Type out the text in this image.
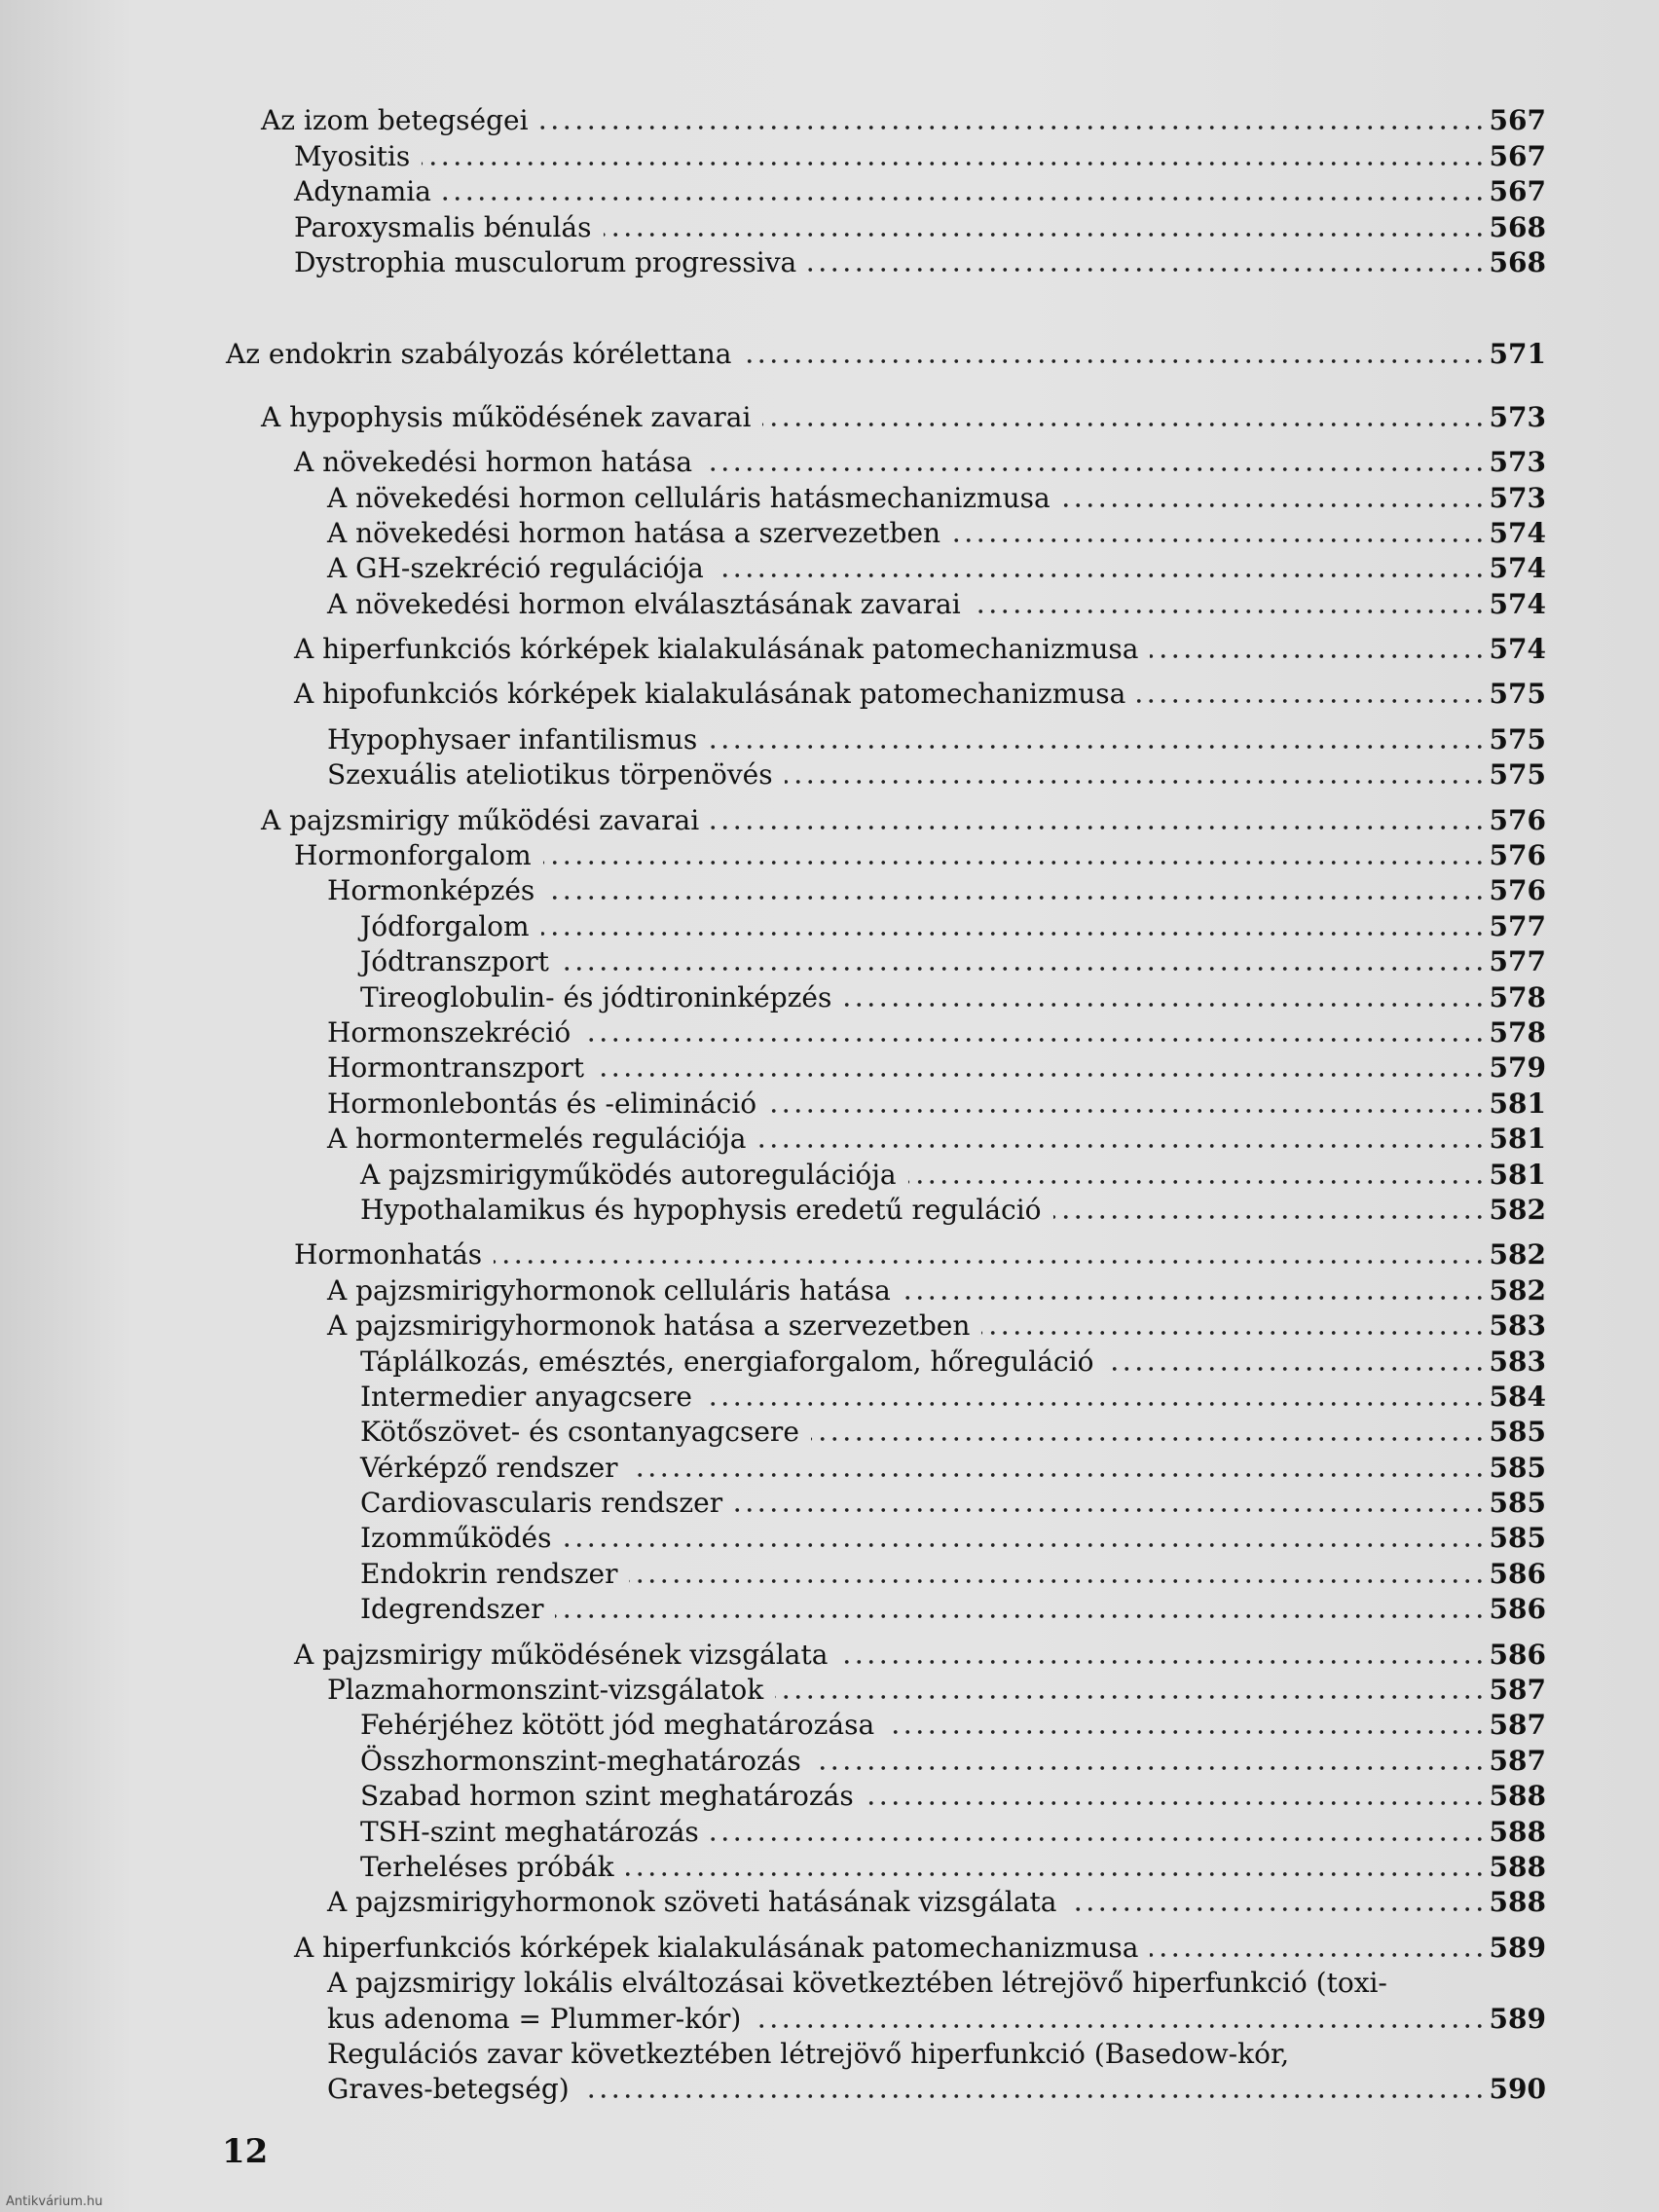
Az izom betegségei	567
Myositis	567
Adynamia	567
Paroxysmalis bénulás	568
Dystrophia musculorum progressiva	568
Az endokrin szabályozás kórélettana	571
A hypophysis működésének zavarai	573
A növekedési hormon hatása	573
A növekedési hormon celluláris hatásmechanizmusa	573
A növekedési hormon hatása a szervezetben	574
A GH-szekréció regulációja	574
A növekedési hormon elválasztásának zavarai	574
A hiperfunkciós kórképek kialakulásának patomechanizmusa	574
A hipofunkciós kórképek kialakulásának patomechanizmusa	575
Hypophysaer infantilismus	575
Szexuális ateliotikus törpenövés	575
A pajzsmirigy működési zavarai	576
Hormonforgalom	576
Hormonképzés	576
Jódforgalom	577
Jódtranszport	577
Tireoglobulin- és jódtironinképzés	578
Hormonszekréció	578
Hormontranszport	579
Hormonlebontás és -elimináció	581
A hormontermelés regulációja	581
A pajzsmirigyműködés autoregulációja	581
Hypothalamikus és hypophysis eredetű reguláció	582
Hormonhatás	582
A pajzsmirigyhormonok celluláris hatása	582
A pajzsmirigyhormonok hatása a szervezetben	583
Táplálkozás, emésztés, energiaforgalom, hőreguláció	583
Intermedier anyagcsere	584
Kötőszövet- és csontanyagcsere	585
Vérképző rendszer	585
Cardiovascularis rendszer	585
Izomműködés	585
Endokrin rendszer	586
Idegrendszer	586
A pajzsmirigy működésének vizsgálata	586
Plazmahormonszint-vizsgálatok	587
Fehérjéhez kötött jód meghatározása	587
Összhormonszint-meghatározás	587
Szabad hormon szint meghatározás	588
TSH-szint meghatározás	588
Terheléses próbák	588
A pajzsmirigyhormonok szöveti hatásának vizsgálata	588
A hiperfunkciós kórképek kialakulásának patomechanizmusa	589
A pajzsmirigy lokális elváltozásai következtében létrejövő hiperfunkció (toxi-
kus adenoma = Plummer-kór)	589
Regulációs zavar következtében létrejövő hiperfunkció (Basedow-kór,
Graves-betegség)	590
12
Antikvárium.hu
